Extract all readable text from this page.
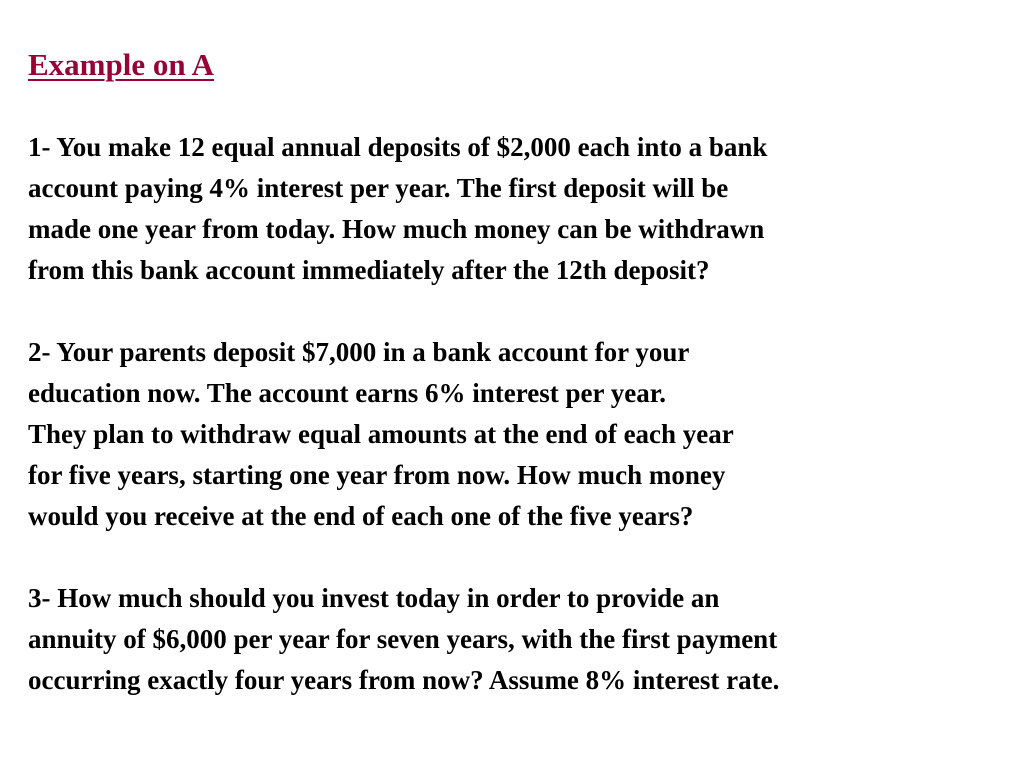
Example on A
1- You make 12 equal annual deposits of $2,000 each into a bank
account paying 4% interest per year. The first deposit will be
made one year from today. How much money can be withdrawn
from this bank account immediately after the 12th deposit?
2- Your parents deposit $7,000 in a bank account for your
education now. The account earns 6% interest per year.
They plan to withdraw equal amounts at the end of each year
for five years, starting one year from now. How much money
would you receive at the end of each one of the five years?
3- How much should you invest today in order to provide an
annuity of $6,000 per year for seven years, with the first payment
occurring exactly four years from now? Assume 8% interest rate.
